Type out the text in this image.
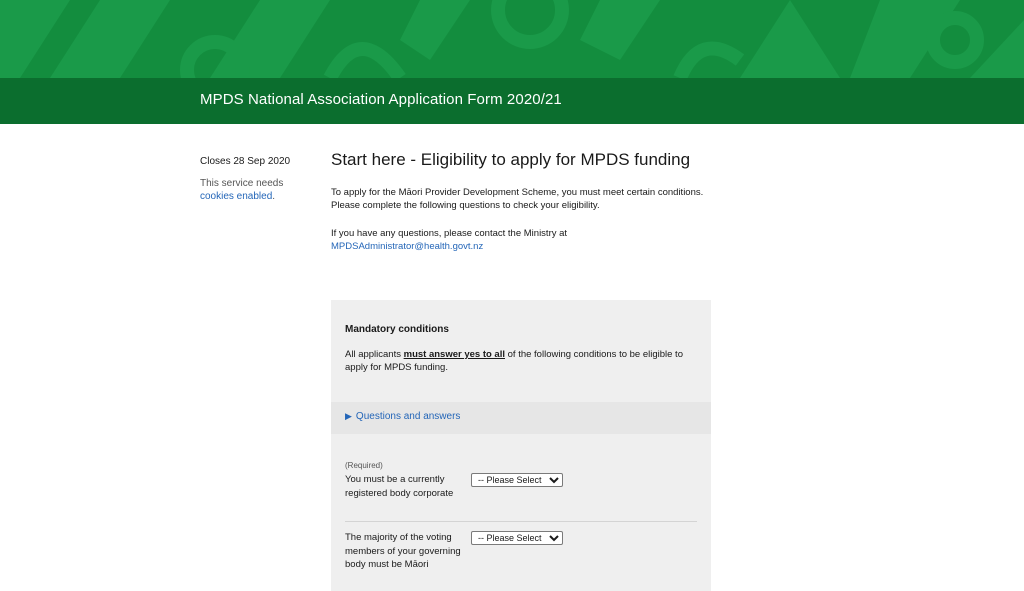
MPDS National Association Application Form 2020/21
Closes 28 Sep 2020
This service needs
cookies enabled.
Start here - Eligibility to apply for MPDS funding

To apply for the Māori Provider Development Scheme, you must meet certain conditions. Please complete the following questions to check your eligibility.

If you have any questions, please contact the Ministry at MPDSAdministrator@health.govt.nz

Mandatory conditions
All applicants must answer yes to all of the following conditions to be eligible to apply for MPDS funding.
▶ Questions and answers
(Required)
You must be a currently registered body corporate
-- Please Select --
The majority of the voting members of your governing body must be Māori
-- Please Select --
